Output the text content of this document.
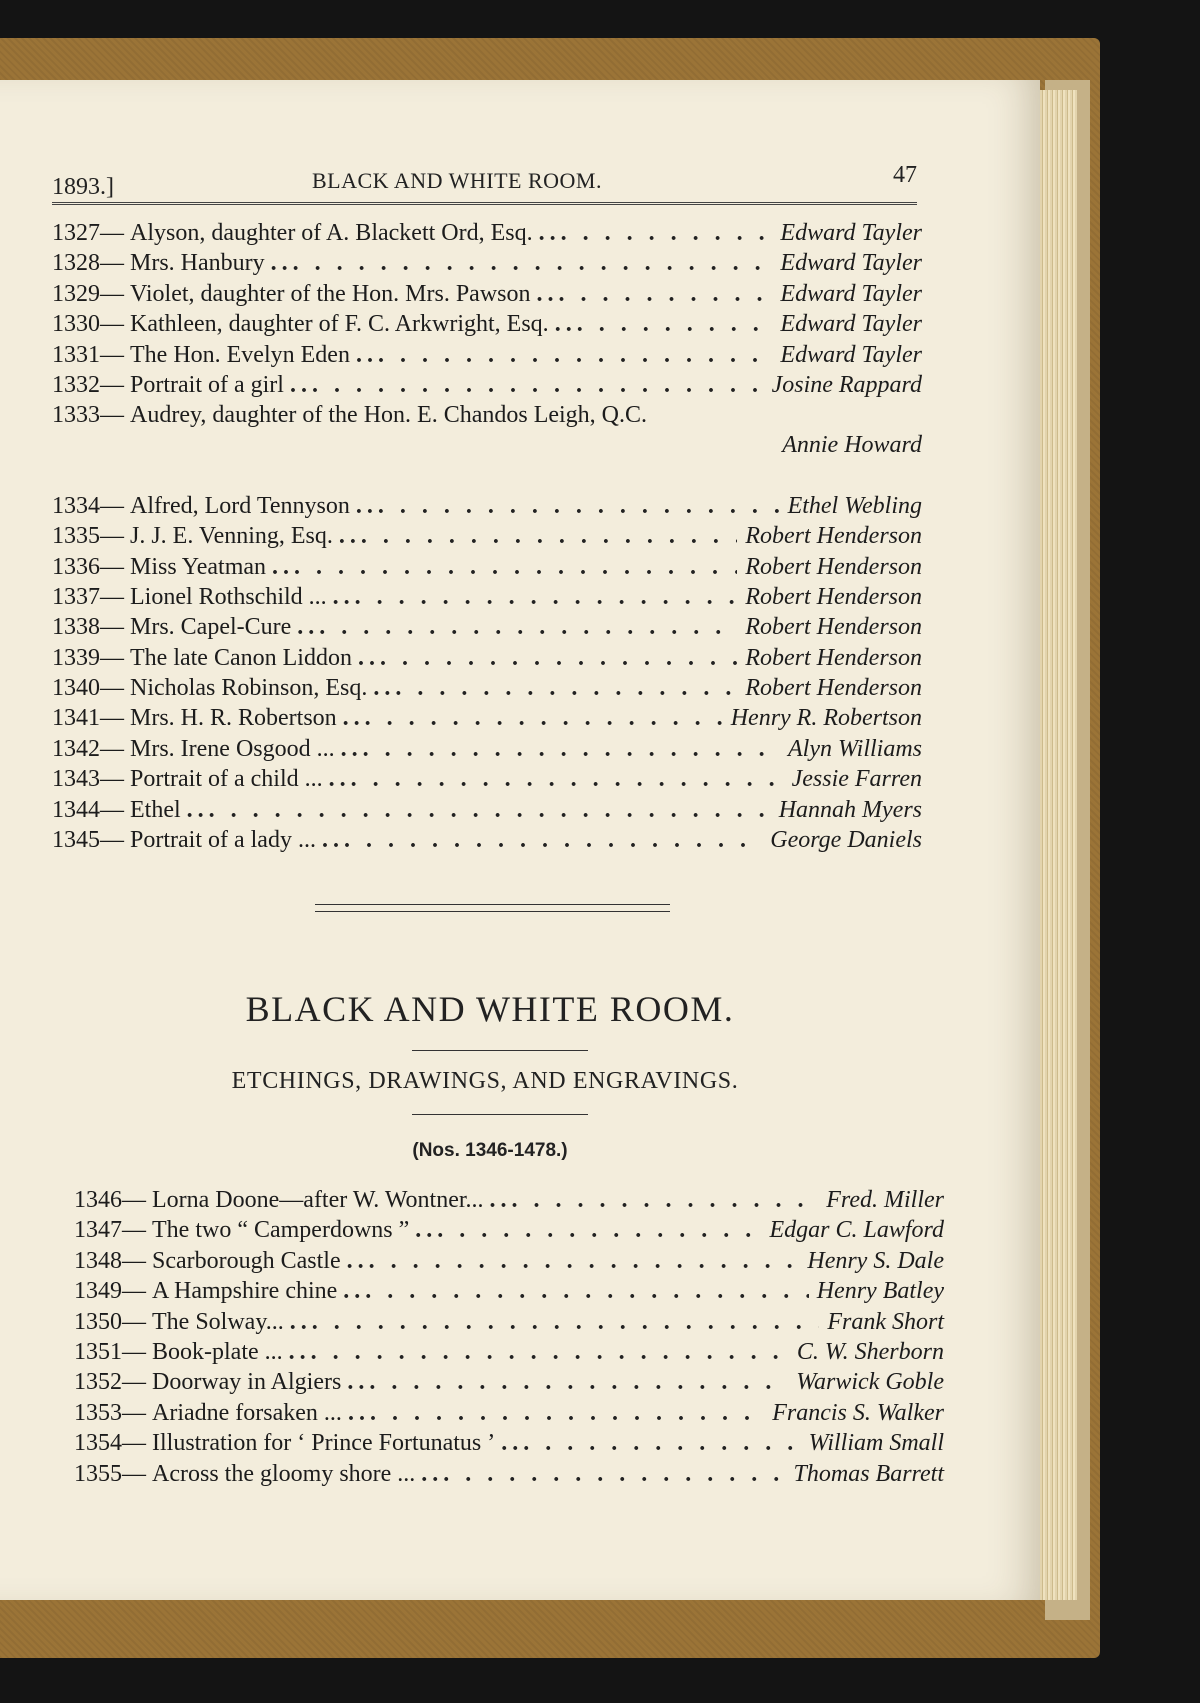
1893.]	BLACK AND WHITE ROOM.	47
1327— Alyson, daughter of A. Blackett Ord, Esq. ... .	Edward Tayler
1328— Mrs. Hanbury ... .	Edward Tayler
1329— Violet, daughter of the Hon. Mrs. Pawson ... .	Edward Tayler
1330— Kathleen, daughter of F. C. Arkwright, Esq. ... .	Edward Tayler
1331— The Hon. Evelyn Eden ... .	Edward Tayler
1332— Portrait of a girl ... .	Josine Rappard
1333— Audrey, daughter of the Hon. E. Chandos Leigh, Q.C.
Annie Howard
1334— Alfred, Lord Tennyson ... .	Ethel Webling
1335— J. J. E. Venning, Esq. ... .	Robert Henderson
1336— Miss Yeatman ... .	Robert Henderson
1337— Lionel Rothschild ... ... .	Robert Henderson
1338— Mrs. Capel-Cure ... .	Robert Henderson
1339— The late Canon Liddon ... .	Robert Henderson
1340— Nicholas Robinson, Esq. ... .	Robert Henderson
1341— Mrs. H. R. Robertson ... .	Henry R. Robertson
1342— Mrs. Irene Osgood ... ... .	Alyn Williams
1343— Portrait of a child ... ... .	Jessie Farren
1344— Ethel ... .	Hannah Myers
1345— Portrait of a lady ... ... .	George Daniels
BLACK AND WHITE ROOM.
ETCHINGS, DRAWINGS, AND ENGRAVINGS.
(Nos. 1346-1478.)
1346— Lorna Doone—after W. Wontner... ... .	Fred. Miller
1347— The two “ Camperdowns ” ... .	Edgar C. Lawford
1348— Scarborough Castle ... .	Henry S. Dale
1349— A Hampshire chine ... .	Henry Batley
1350— The Solway... ... .	Frank Short
1351— Book-plate ... ... .	C. W. Sherborn
1352— Doorway in Algiers ... .	Warwick Goble
1353— Ariadne forsaken ... ... .	Francis S. Walker
1354— Illustration for ‘ Prince Fortunatus ’ ... .	William Small
1355— Across the gloomy shore ... ... .	Thomas Barrett
